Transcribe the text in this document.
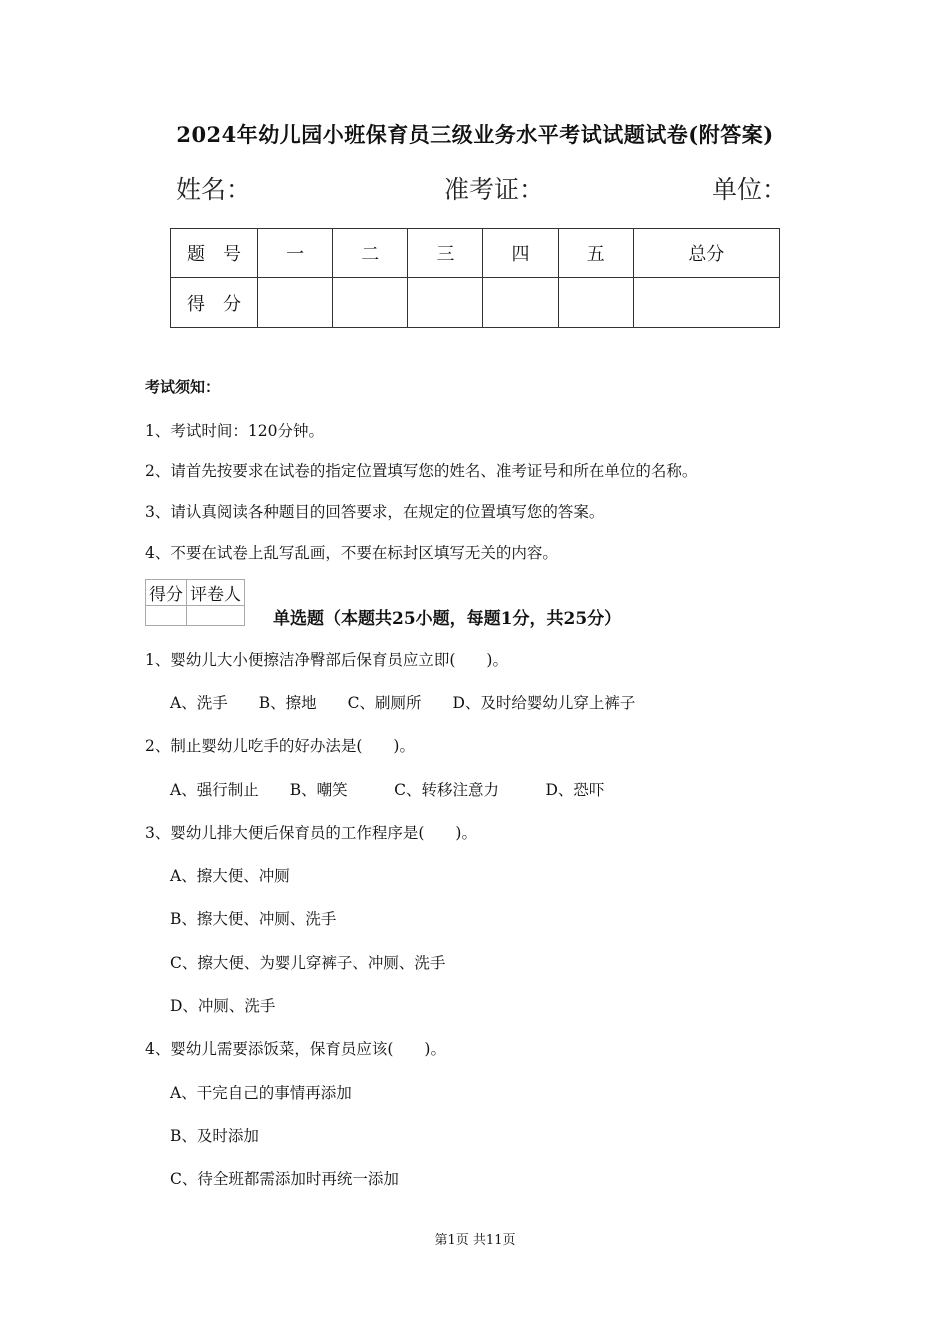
2024年幼儿园小班保育员三级业务水平考试试题试卷(附答案)
姓名：	准考证：	单位：
题　号	一	二	三	四	五	总分
得　分						
考试须知：
1、考试时间：120分钟。
2、请首先按要求在试卷的指定位置填写您的姓名、准考证号和所在单位的名称。
3、请认真阅读各种题目的回答要求，在规定的位置填写您的答案。
4、不要在试卷上乱写乱画，不要在标封区填写无关的内容。
得分	评卷人

单选题（本题共25小题，每题1分，共25分）
1、婴幼儿大小便擦洁净臀部后保育员应立即(　　)。
A、洗手　　B、擦地　　C、刷厕所　　D、及时给婴幼儿穿上裤子
2、制止婴幼儿吃手的好办法是(　　)。
A、强行制止　　B、嘲笑　　　C、转移注意力　　　D、恐吓
3、婴幼儿排大便后保育员的工作程序是(　　)。
A、擦大便、冲厕
B、擦大便、冲厕、洗手
C、擦大便、为婴儿穿裤子、冲厕、洗手
D、冲厕、洗手
4、婴幼儿需要添饭菜，保育员应该(　　)。
A、干完自己的事情再添加
B、及时添加
C、待全班都需添加时再统一添加
第1页 共11页
